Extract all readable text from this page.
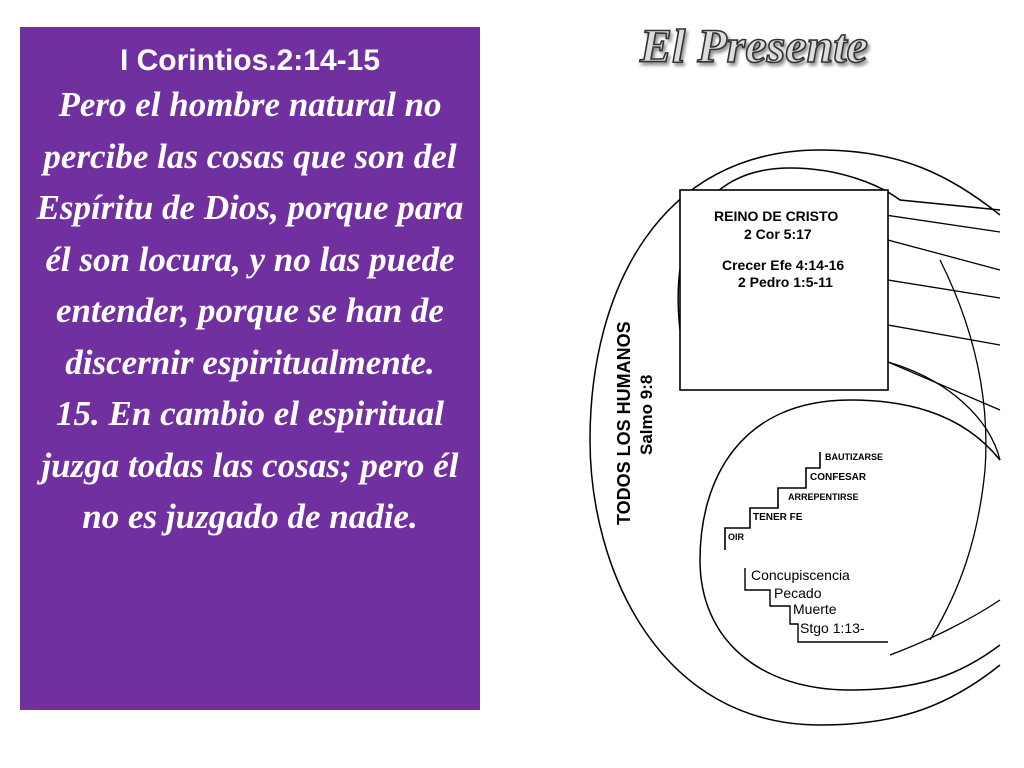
I Corintios.2:14-15

Pero el hombre natural no percibe las cosas que son del Espíritu de Dios, porque para él son locura, y no las puede entender, porque se han de discernir espiritualmente.

15. En cambio el espiritual juzga todas las cosas; pero él no es juzgado de nadie.

El Presente
REINO DE CRISTO
2 Cor 5:17
Crecer Efe 4:14-16
2 Pedro 1:5-11
TODOS LOS HUMANOS Salmo 9:8
BAUTIZARSE
CONFESAR
ARREPENTIRSE
TENER FE
OIR
Concupiscencia
Pecado
Muerte
Stgo 1:13-
